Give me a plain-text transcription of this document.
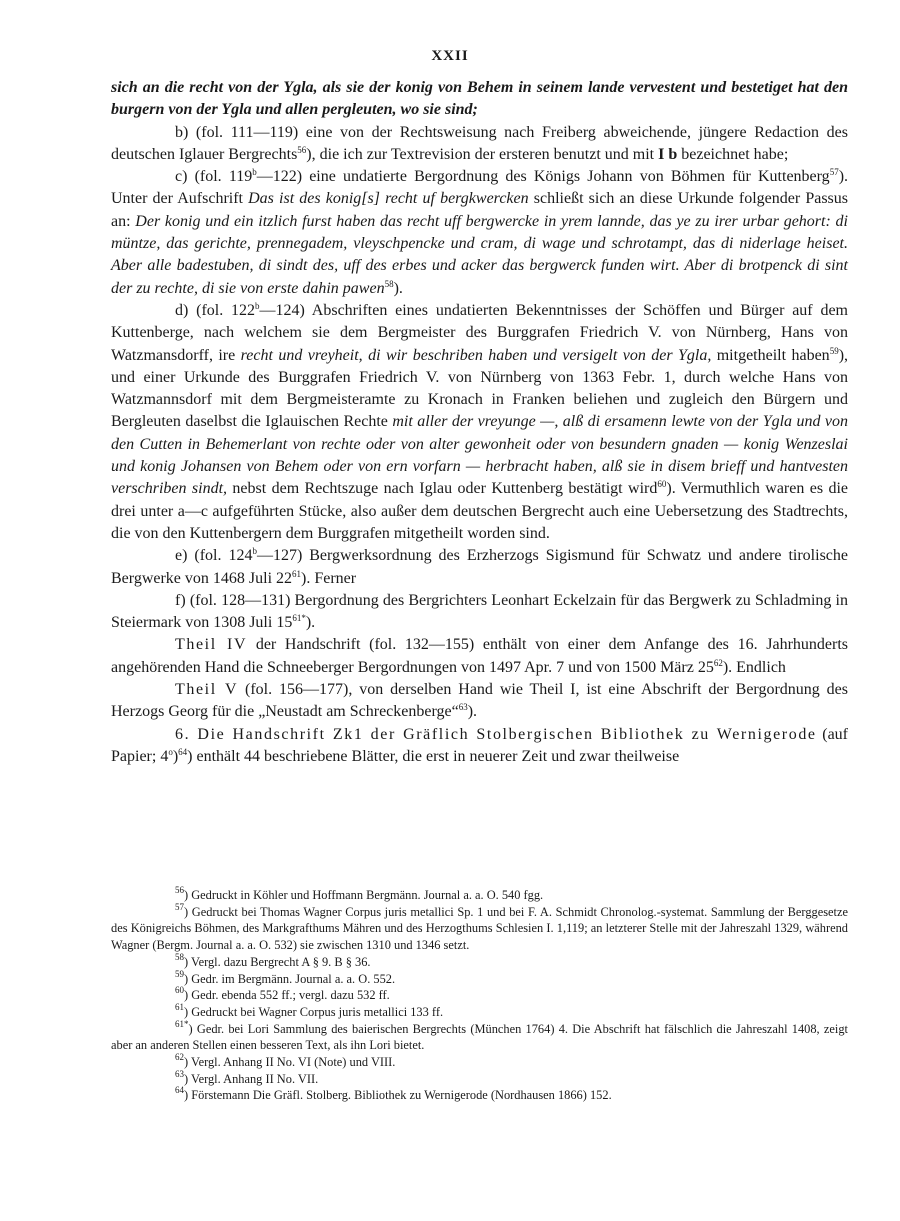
XXII

sich an die recht von der Ygla, als sie der konig von Behem in seinem lande vervestent und bestetiget hat den burgern von der Ygla und allen pergleuten, wo sie sind;

b) (fol. 111—119) eine von der Rechtsweisung nach Freiberg abweichende, jüngere Redaction des deutschen Iglauer Bergrechts$^{56}$), die ich zur Textrevision der ersteren benutzt und mit I b bezeichnet habe;

c) (fol. 119$^b$—122) eine undatierte Bergordnung des Königs Johann von Böhmen für Kuttenberg$^{57}$). Unter der Aufschrift Das ist des konig[s] recht uf bergkwercken schließt sich an diese Urkunde folgender Passus an: Der konig und ein itzlich furst haben das recht uff bergwercke in yrem lannde, das ye zu irer urbar gehort: di müntze, das gerichte, prennegadem, vleyschpencke und cram, di wage und schrotampt, das di niderlage heiset. Aber alle badestuben, di sindt des, uff des erbes und acker das bergwerck funden wirt. Aber di brotpenck di sint der zu rechte, di sie von erste dahin pawen$^{58}$).

d) (fol. 122$^b$—124) Abschriften eines undatierten Bekenntnisses der Schöffen und Bürger auf dem Kuttenberge, nach welchem sie dem Bergmeister des Burggrafen Friedrich V. von Nürnberg, Hans von Watzmansdorff, ire recht und vreyheit, di wir beschriben haben und versigelt von der Ygla, mitgetheilt haben$^{59}$), und einer Urkunde des Burggrafen Friedrich V. von Nürnberg von 1363 Febr. 1, durch welche Hans von Watzmannsdorf mit dem Bergmeisteramte zu Kronach in Franken beliehen und zugleich den Bürgern und Bergleuten daselbst die Iglauischen Rechte mit aller der vreyunge —, alß di ersamenn lewte von der Ygla und von den Cutten in Behemerlant von rechte oder von alter gewonheit oder von besundern gnaden — konig Wenzeslai und konig Johansen von Behem oder von ern vorfarn — herbracht haben, alß sie in disem brieff und hantvesten verschriben sindt, nebst dem Rechtszuge nach Iglau oder Kuttenberg bestätigt wird$^{60}$). Vermuthlich waren es die drei unter a—c aufgeführten Stücke, also außer dem deutschen Bergrecht auch eine Uebersetzung des Stadtrechts, die von den Kuttenbergern dem Burggrafen mitgetheilt worden sind.

e) (fol. 124$^b$—127) Bergwerksordnung des Erzherzogs Sigismund für Schwatz und andere tirolische Bergwerke von 1468 Juli $22^{61}$). Ferner

f) (fol. 128—131) Bergordnung des Bergrichters Leonhart Eckelzain für das Bergwerk zu Schladming in Steiermark von 1308 Juli $15^{61*}$).

Theil IV der Handschrift (fol. 132—155) enthält von einer dem Anfange des 16. Jahrhunderts angehörenden Hand die Schneeberger Bergordnungen von 1497 Apr. 7 und von 1500 März $25^{62}$). Endlich

Theil V (fol. 156—177), von derselben Hand wie Theil I, ist eine Abschrift der Bergordnung des Herzogs Georg für die „Neustadt am Schreckenberge“$^{63}$).

6. Die Handschrift Zk1 der Gräflich Stolbergischen Bibliothek zu Wernigerode (auf Papier; 4$^o$)$^{64}$) enthält 44 beschriebene Blätter, die erst in neuerer Zeit und zwar theilweise

$^{56}$) Gedruckt in Köhler und Hoffmann Bergmänn. Journal a. a. O. 540 fgg.

$^{57}$) Gedruckt bei Thomas Wagner Corpus juris metallici Sp. 1 und bei F. A. Schmidt Chronolog.-systemat. Sammlung der Berggesetze des Königreichs Böhmen, des Markgrafthums Mähren und des Herzogthums Schlesien I. 1,119; an letzterer Stelle mit der Jahreszahl 1329, während Wagner (Bergm. Journal a. a. O. 532) sie zwischen 1310 und 1346 setzt.

$^{58}$) Vergl. dazu Bergrecht A § 9. B § 36.

$^{59}$) Gedr. im Bergmänn. Journal a. a. O. 552.

$^{60}$) Gedr. ebenda 552 ff.; vergl. dazu 532 ff.

$^{61}$) Gedruckt bei Wagner Corpus juris metallici 133 ff.

$^{61*}$) Gedr. bei Lori Sammlung des baierischen Bergrechts (München 1764) 4. Die Abschrift hat fälschlich die Jahreszahl 1408, zeigt aber an anderen Stellen einen besseren Text, als ihn Lori bietet.

$^{62}$) Vergl. Anhang II No. VI (Note) und VIII.

$^{63}$) Vergl. Anhang II No. VII.

$^{64}$) Förstemann Die Gräfl. Stolberg. Bibliothek zu Wernigerode (Nordhausen 1866) 152.
